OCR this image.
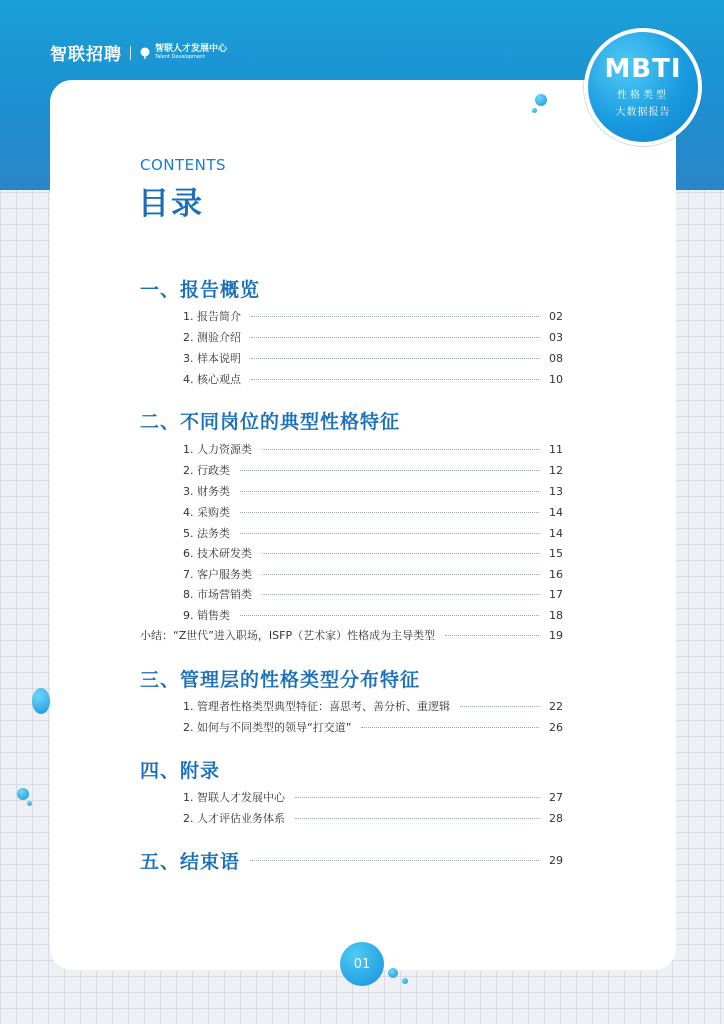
智联招聘	智联人才发展中心
Talent Development	MBTI
性格类型
大数据报告
CONTENTS
目录
一、报告概览
1. 报告简介	02
2. 测验介绍	03
3. 样本说明	08
4. 核心观点	10
二、不同岗位的典型性格特征
1. 人力资源类	11
2. 行政类	12
3. 财务类	13
4. 采购类	14
5. 法务类	14
6. 技术研发类	15
7. 客户服务类	16
8. 市场营销类	17
9. 销售类	18
小结：“Z世代”进入职场，ISFP（艺术家）性格成为主导类型	19
三、管理层的性格类型分布特征
1. 管理者性格类型典型特征：喜思考、善分析、重逻辑	22
2. 如何与不同类型的领导“打交道”	26
四、附录
1. 智联人才发展中心	27
2. 人才评估业务体系	28
五、结束语	29
01
